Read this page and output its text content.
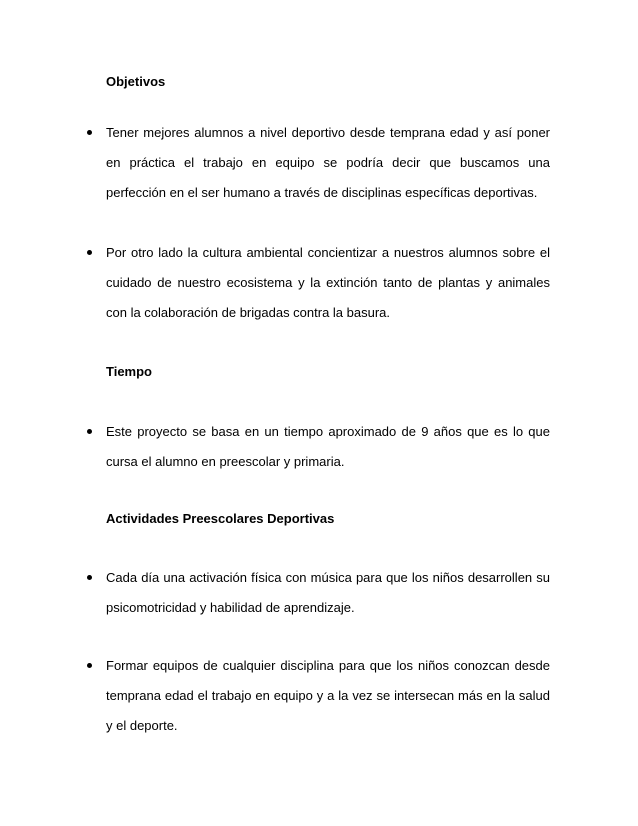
Objetivos

Tener mejores alumnos a nivel deportivo desde temprana edad y así poner en práctica el trabajo en equipo se podría decir que buscamos una perfección en el ser humano a través de disciplinas específicas deportivas.

Por otro lado la cultura ambiental concientizar a nuestros alumnos sobre el cuidado de nuestro ecosistema y la extinción tanto de plantas y animales con la colaboración de brigadas contra la basura.

Tiempo

Este proyecto se basa en un tiempo aproximado de 9 años que es lo que cursa el alumno en preescolar y primaria.

Actividades Preescolares Deportivas

Cada día una activación física con música para que los niños desarrollen su psicomotricidad y habilidad de aprendizaje.

Formar equipos de cualquier disciplina para que los niños conozcan desde temprana edad el trabajo en equipo y a la vez se intersecan más en la salud y el deporte.
